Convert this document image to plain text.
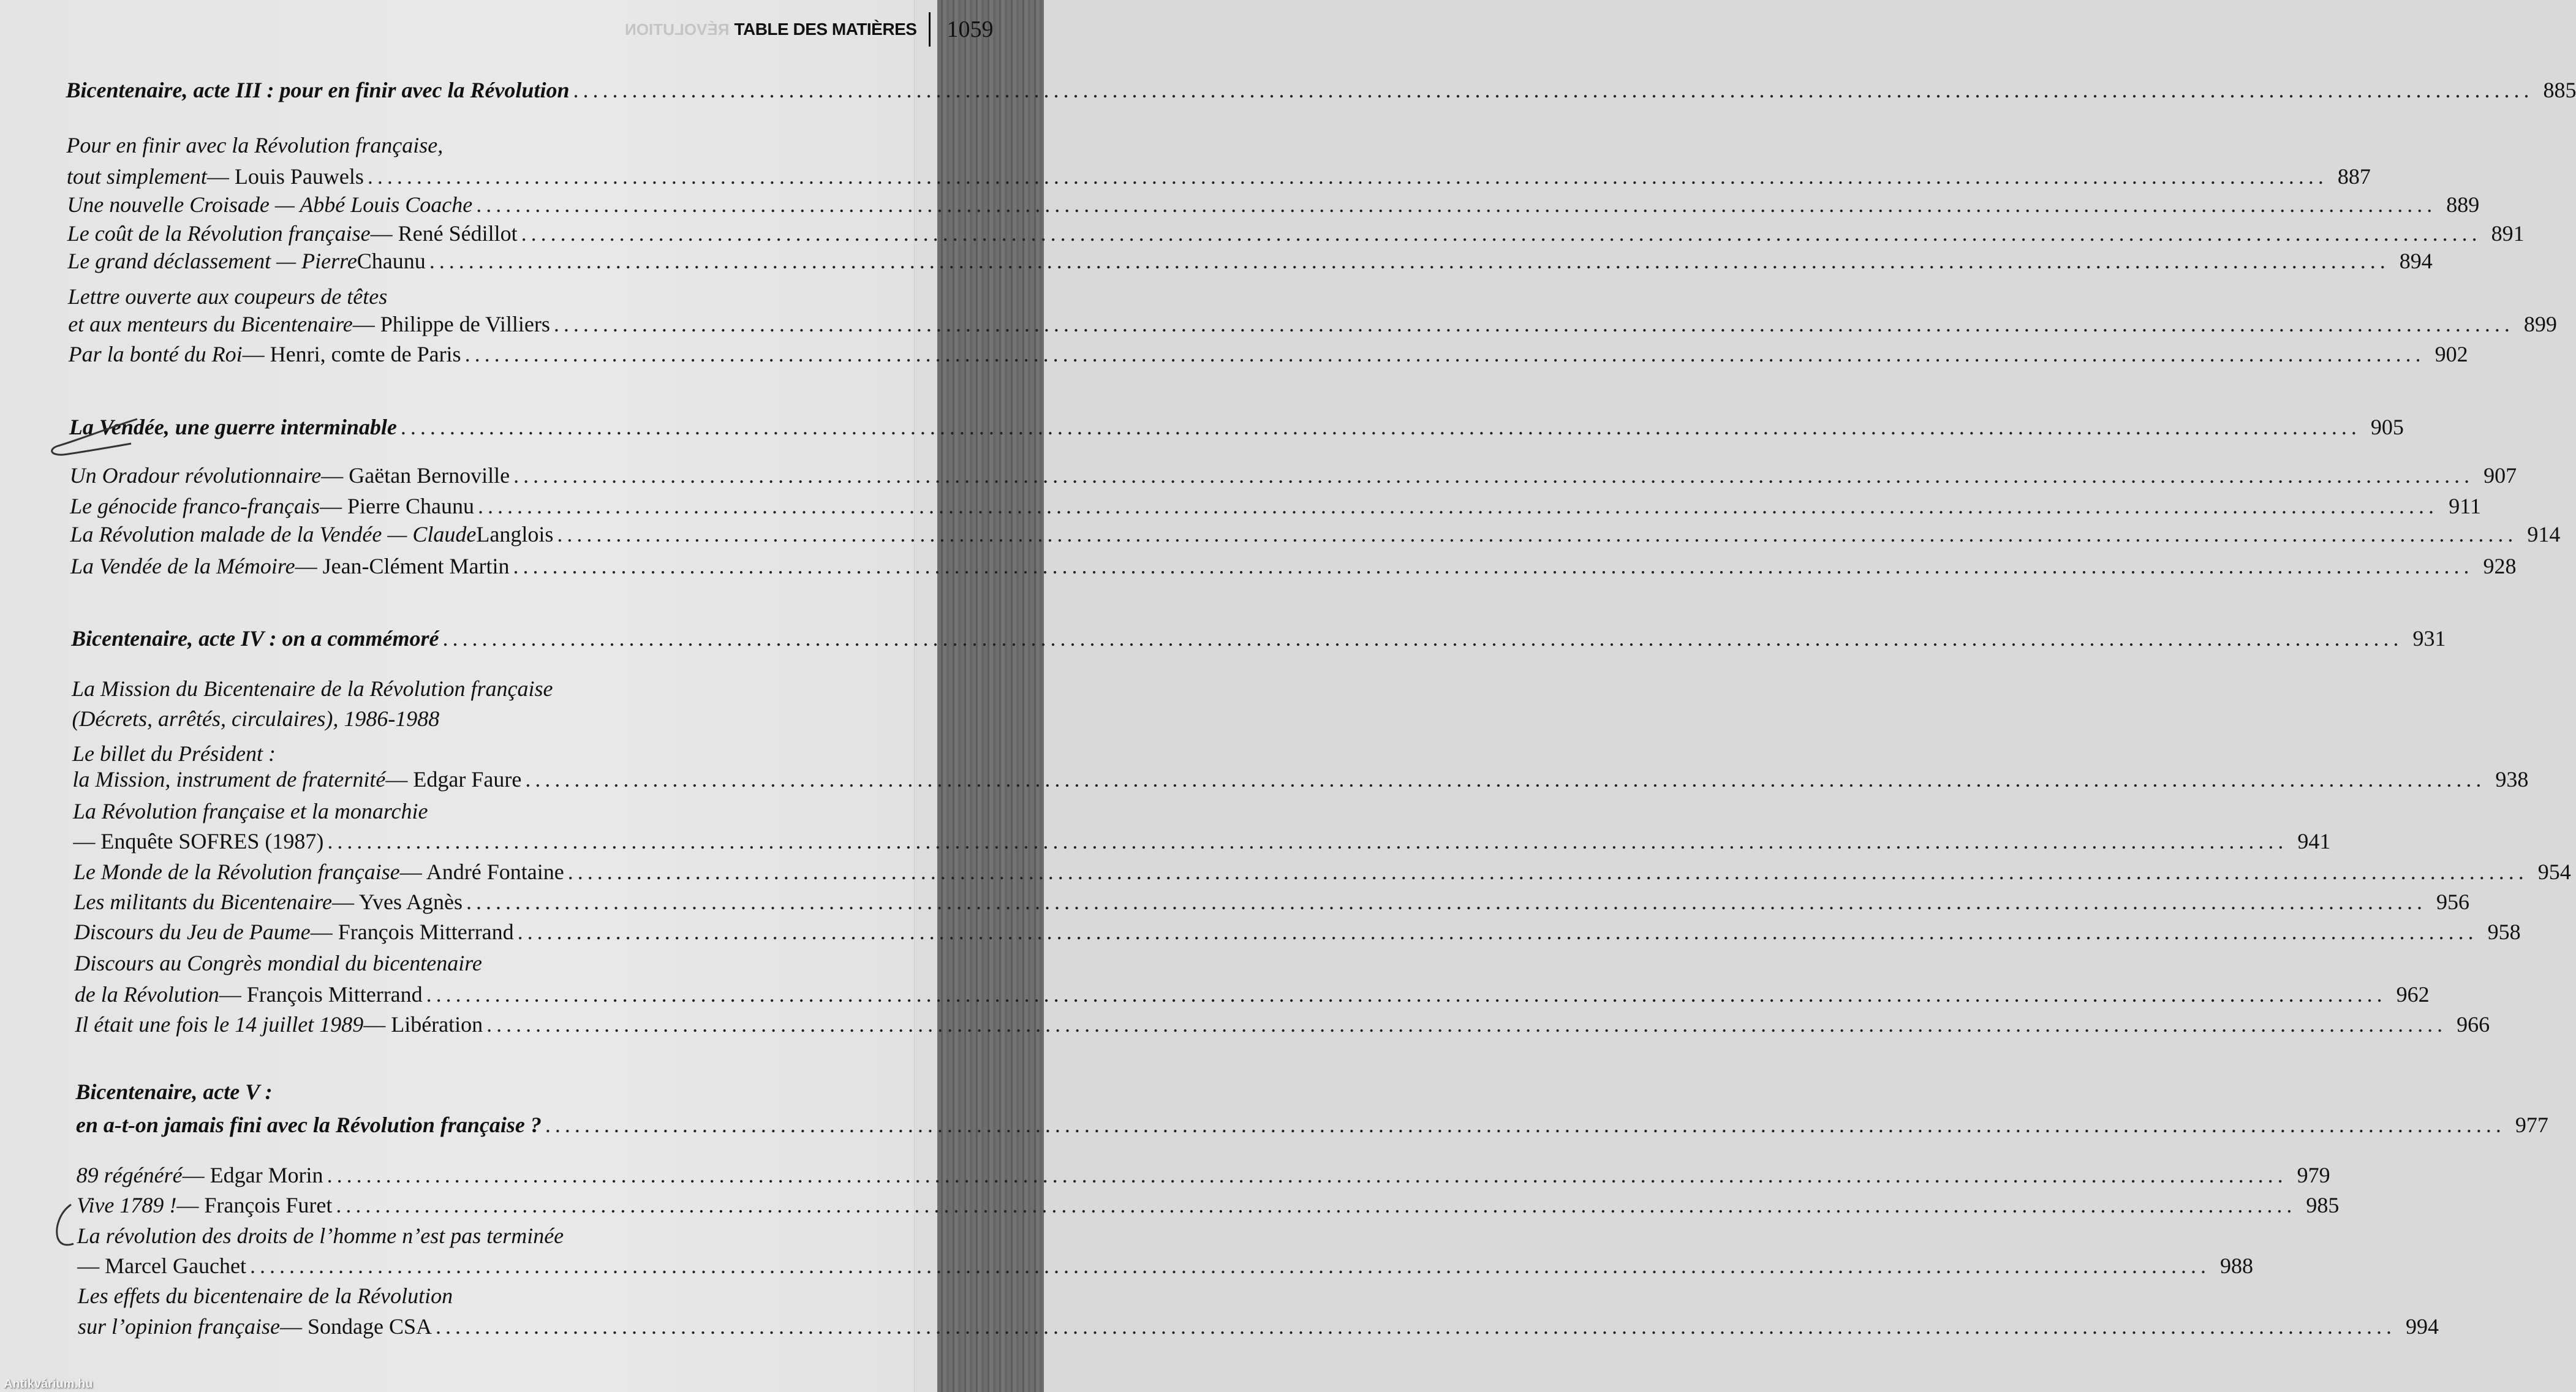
RÉVOLUTION TABLE DES MATIÈRES 1059
Bicentenaire, acte III : pour en finir avec la Révolution ........................................................................................................................................................................................................ 885
Pour en finir avec la Révolution française,
tout simplement — Louis Pauwels ........................................................................................................................................................................................................ 887
Une nouvelle Croisade — Abbé Louis Coache ........................................................................................................................................................................................................ 889
Le coût de la Révolution française — René Sédillot ........................................................................................................................................................................................................ 891
Le grand déclassement — Pierre Chaunu ........................................................................................................................................................................................................ 894
Lettre ouverte aux coupeurs de têtes
et aux menteurs du Bicentenaire — Philippe de Villiers ........................................................................................................................................................................................................ 899
Par la bonté du Roi — Henri, comte de Paris ........................................................................................................................................................................................................ 902
La Vendée, une guerre interminable ........................................................................................................................................................................................................ 905
Un Oradour révolutionnaire — Gaëtan Bernoville ........................................................................................................................................................................................................ 907
Le génocide franco-français — Pierre Chaunu ........................................................................................................................................................................................................ 911
La Révolution malade de la Vendée — Claude Langlois ........................................................................................................................................................................................................ 914
La Vendée de la Mémoire — Jean-Clément Martin ........................................................................................................................................................................................................ 928
Bicentenaire, acte IV : on a commémoré ........................................................................................................................................................................................................ 931
La Mission du Bicentenaire de la Révolution française
(Décrets, arrêtés, circulaires), 1986-1988
Le billet du Président :
la Mission, instrument de fraternité — Edgar Faure ........................................................................................................................................................................................................ 938
La Révolution française et la monarchie
— Enquête SOFRES (1987) ........................................................................................................................................................................................................ 941
Le Monde de la Révolution française — André Fontaine ........................................................................................................................................................................................................ 954
Les militants du Bicentenaire — Yves Agnès ........................................................................................................................................................................................................ 956
Discours du Jeu de Paume — François Mitterrand ........................................................................................................................................................................................................ 958
Discours au Congrès mondial du bicentenaire
de la Révolution — François Mitterrand ........................................................................................................................................................................................................ 962
Il était une fois le 14 juillet 1989 — Libération ........................................................................................................................................................................................................ 966
Bicentenaire, acte V :
en a-t-on jamais fini avec la Révolution française ? ........................................................................................................................................................................................................ 977
89 régénéré — Edgar Morin ........................................................................................................................................................................................................ 979
Vive 1789 ! — François Furet ........................................................................................................................................................................................................ 985
La révolution des droits de l’homme n’est pas terminée
— Marcel Gauchet ........................................................................................................................................................................................................ 988
Les effets du bicentenaire de la Révolution
sur l’opinion française — Sondage CSA ........................................................................................................................................................................................................ 994
Antikvárium.hu
